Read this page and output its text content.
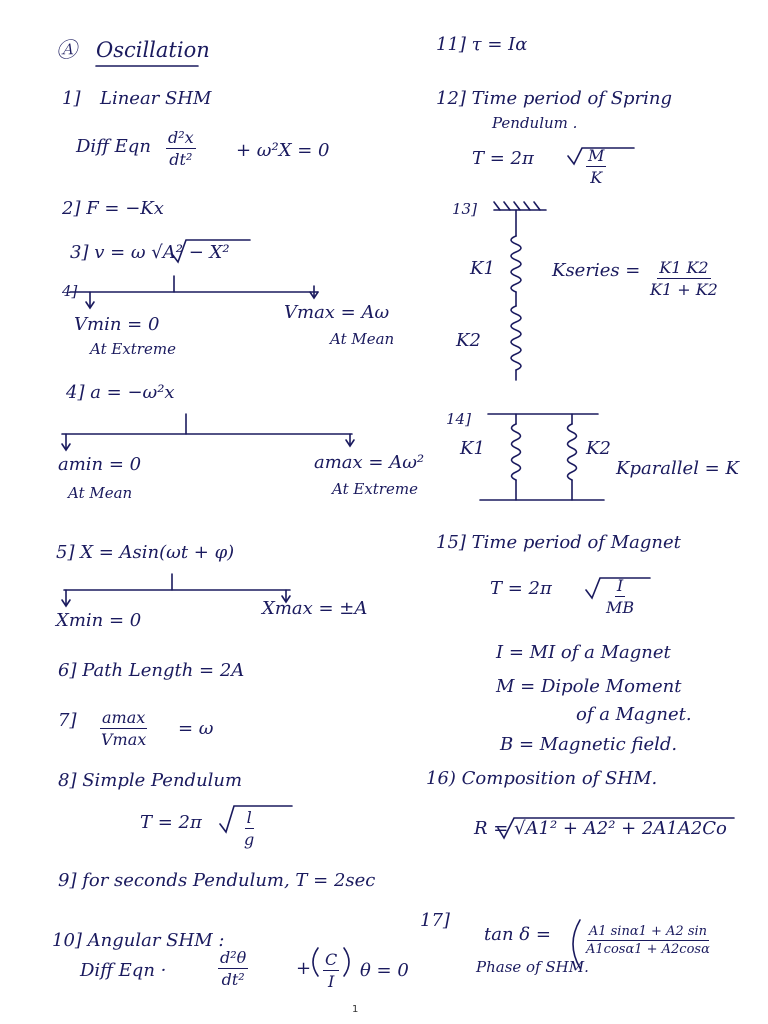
Ⓐ Oscillation
1] Linear SHM
Diff Eqn $\frac{\text{d²x}}{\text{dt²}} + \omega^2X = 0$
2] F = −Kx
3] v = ω √A² − X²
4]
Vmin = 0
At Extreme
Vmax = Aω
At Mean
4] a = −ω²x
amin = 0
At Mean
amax = Aω²
At Extreme
5] X = Asin(ωt + φ)
Xmin = 0
Xmax = ±A
6] Path Length = 2A
7] amax
Vmax
= ω
8] Simple Pendulum
T = 2π	$\frac{l}{g}$
9] for seconds Pendulum, T = 2sec
10] Angular SHM :
Diff Eqn ·	$\frac{\text{d²θ}}{\text{dt²}}$	+ $\frac{C}{I}$ θ = 0
11] τ = Iα
12] Time period of Spring
Pendulum .
T = 2π	$\frac{M}{K}$
13]
K1
K2
Kseries = $\frac{K1 K2}{K1 + K2}$
14]
K1	K2
Kparallel = K
15] Time period of Magnet
T = 2π	$\frac{I}{MB}$
I = MI of a Magnet
M = Dipole Moment
of a Magnet.
B = Magnetic field.
16) Composition of SHM.
R = √A1² + A2² + 2A1A2Co
17]
tan δ =	$\frac{A1 \sin\alpha 1 + A2 \sin}{A1\cos\alpha 1 + A2\cos\alpha}$
Phase of SHM.
1
